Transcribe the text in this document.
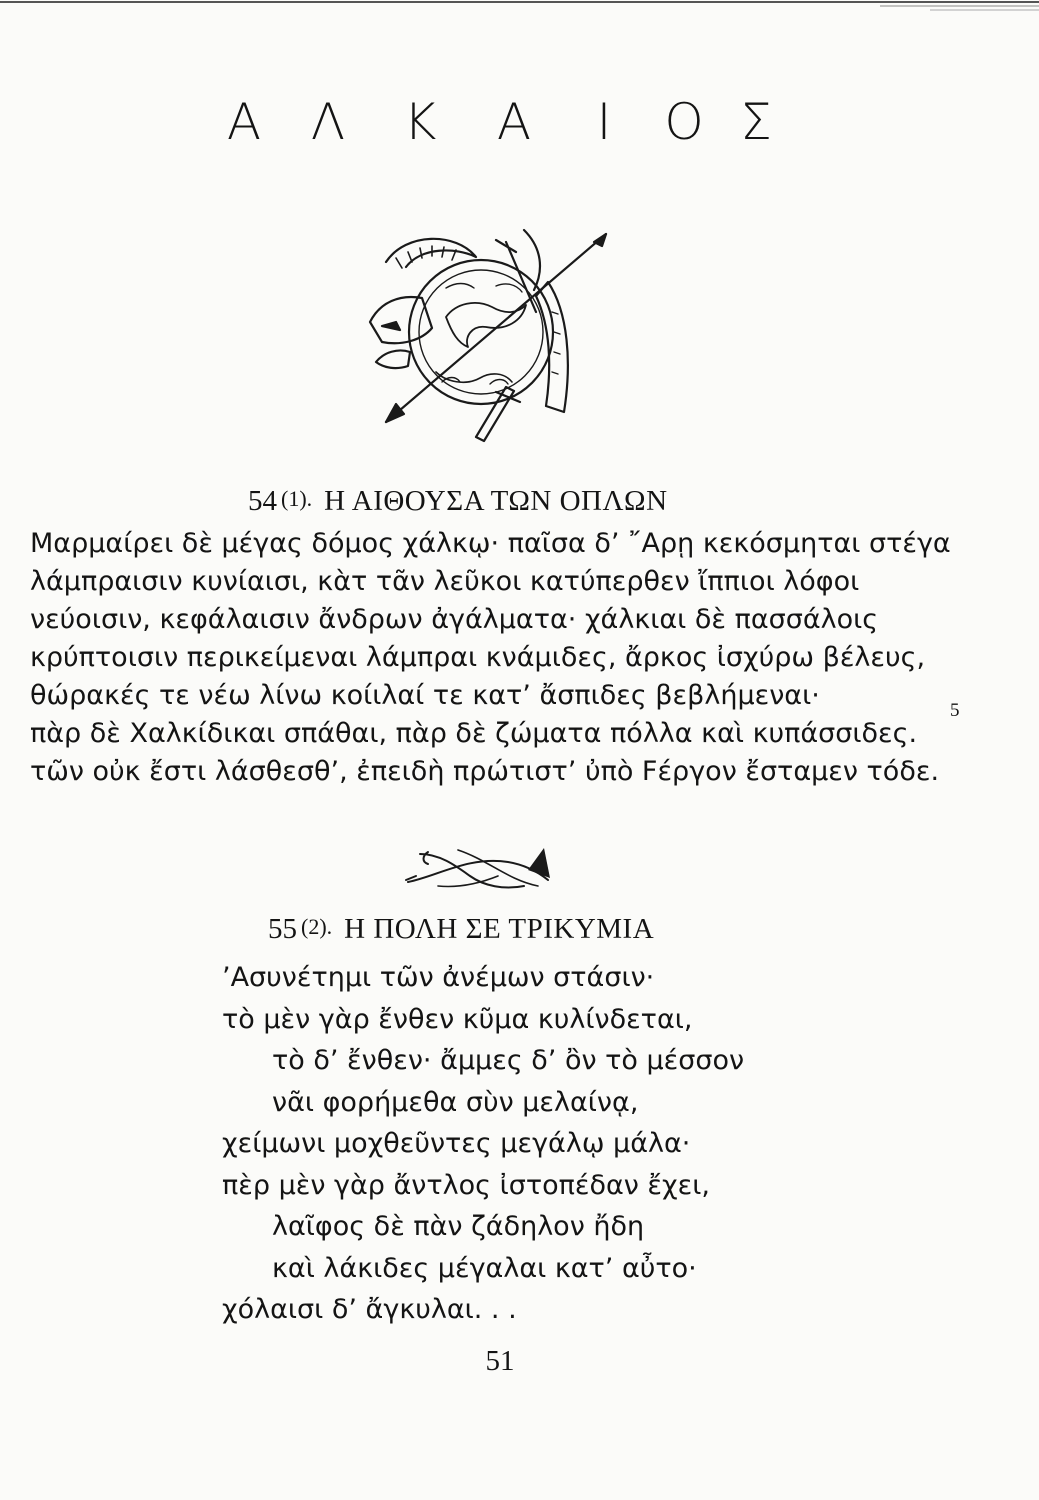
Α Λ Κ Α	Ι	Ο Σ
54 (1). Η ΑΙΘΟΥΣΑ ΤΩΝ ΟΠΛΩΝ
Μαρμαίρει δὲ μέγας δόμος χάλκῳ· παῖσα δ’ ῎Αρῃ κεκόσμηται στέγα
λάμπραισιν κυνίαισι, κὰτ τᾶν λεῦκοι κατύπερθεν ἴππιοι λόφοι
νεύοισιν, κεφάλαισιν ἄνδρων ἀγάλματα· χάλκιαι δὲ πασσάλοις
κρύπτοισιν περικείμεναι λάμπραι κνάμιδες, ἄρκος ἰσχύρω βέλευς,
θώρακές τε νέω λίνω κοίιλαί τε κατ’ ἄσπιδες βεβλήμεναι·
πὰρ δὲ Χαλκίδικαι σπάθαι, πὰρ δὲ ζώματα πόλλα καὶ κυπάσσιδες.
τῶν οὐκ ἔστι λάσθεσθ’, ἐπειδὴ πρώτιστ’ ὐπὸ Fέργον ἔσταμεν τόδε.
5
55 (2). Η ΠΟΛΗ ΣΕ ΤΡΙΚΥΜΙΑ
’Ασυνέτημι τῶν ἀνέμων στάσιν·
τὸ μὲν γὰρ ἔνθεν κῦμα κυλίνδεται,
τὸ δ’ ἔνθεν· ἄμμες δ’ ὂν τὸ μέσσον
νᾶι φορήμεθα σὺν μελαίνᾳ,
χείμωνι μοχθεῦντες μεγάλῳ μάλα·
πὲρ μὲν γὰρ ἄντλος ἰστοπέδαν ἔχει,
λαῖφος δὲ πὰν ζάδηλον ἤδη
καὶ λάκιδες μέγαλαι κατ’ αὖτο·
χόλαισι δ’ ἄγκυλαι. . .
51
